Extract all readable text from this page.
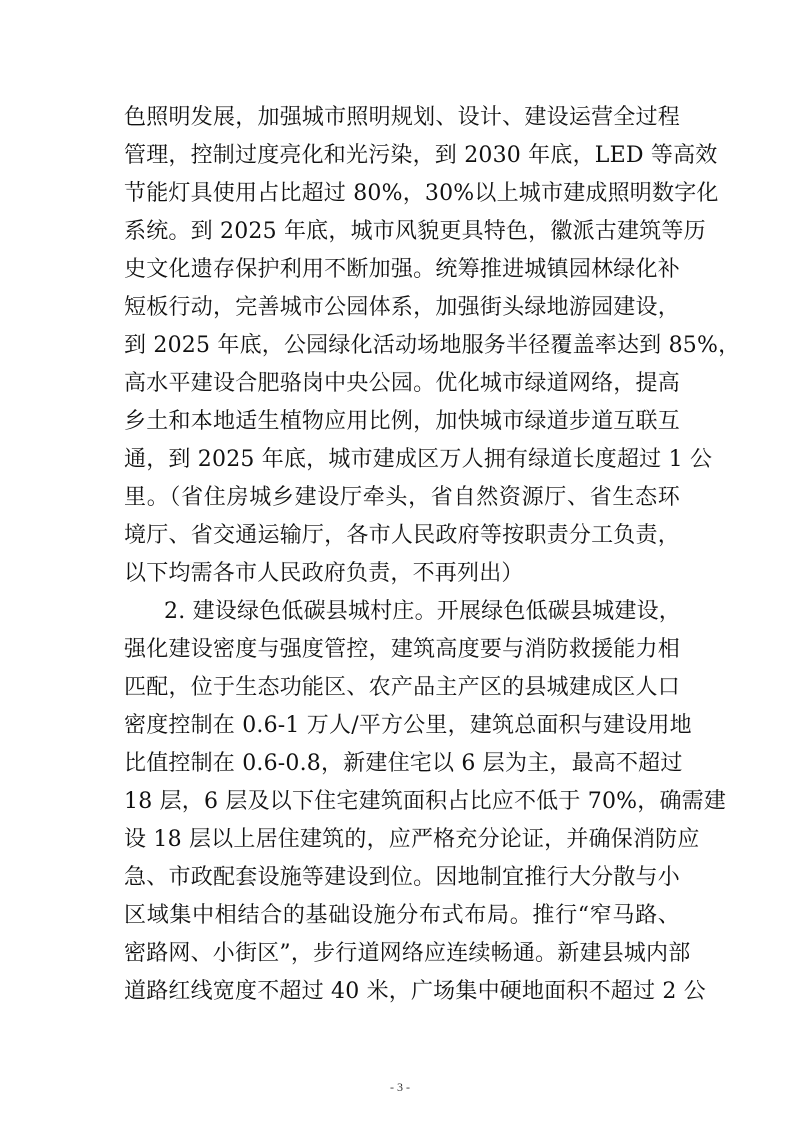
色照明发展，加强城市照明规划、设计、建设运营全过程
管理，控制过度亮化和光污染，到 2030 年底，LED 等高效
节能灯具使用占比超过 80%，30%以上城市建成照明数字化
系统。到 2025 年底，城市风貌更具特色，徽派古建筑等历
史文化遗存保护利用不断加强。统筹推进城镇园林绿化补
短板行动，完善城市公园体系，加强街头绿地游园建设，
到 2025 年底，公园绿化活动场地服务半径覆盖率达到 85%，
高水平建设合肥骆岗中央公园。优化城市绿道网络，提高
乡土和本地适生植物应用比例，加快城市绿道步道互联互
通，到 2025 年底，城市建成区万人拥有绿道长度超过 1 公
里。（省住房城乡建设厅牵头，省自然资源厅、省生态环
境厅、省交通运输厅，各市人民政府等按职责分工负责，
以下均需各市人民政府负责，不再列出）
2. 建设绿色低碳县城村庄。开展绿色低碳县城建设，
强化建设密度与强度管控，建筑高度要与消防救援能力相
匹配，位于生态功能区、农产品主产区的县城建成区人口
密度控制在 0.6-1 万人/平方公里，建筑总面积与建设用地
比值控制在 0.6-0.8，新建住宅以 6 层为主，最高不超过
18 层，6 层及以下住宅建筑面积占比应不低于 70%，确需建
设 18 层以上居住建筑的，应严格充分论证，并确保消防应
急、市政配套设施等建设到位。因地制宜推行大分散与小
区域集中相结合的基础设施分布式布局。推行“窄马路、
密路网、小街区”，步行道网络应连续畅通。新建县城内部
道路红线宽度不超过 40 米，广场集中硬地面积不超过 2 公
- 3 -
